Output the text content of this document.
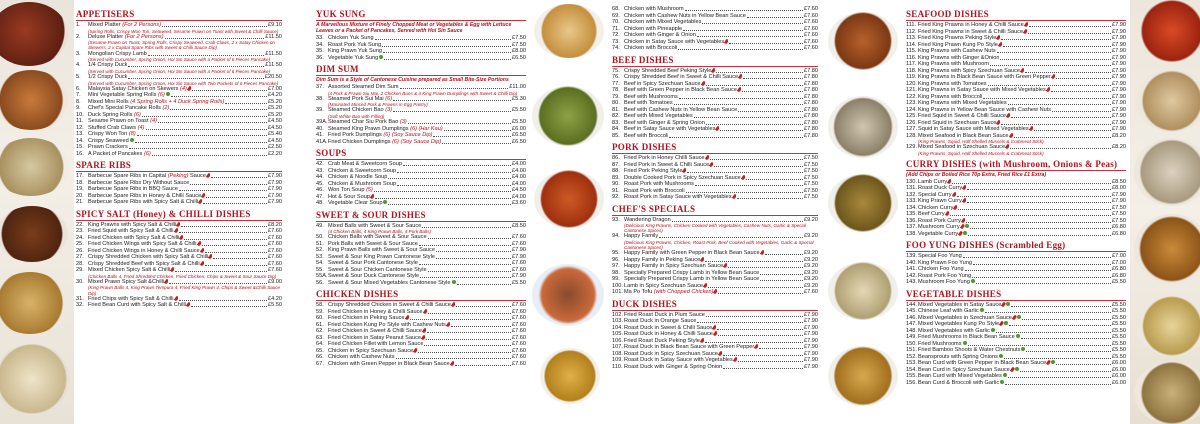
APPETISERS
1.	Mixed Platter (For 2 Persons)	£9.10
(Spring Rolls, Crispy Won Ton, Seaweed, Sesame Prawn on Toast with Sweet & Chilli Sauce)
2.	Deluxe Platter (For 2 Persons)	£11.50
(Sesame Prawn on Toast, Spring Rolls, Crispy Seaweed, Crab Claws, 2 x Satay Chicken on Skewers, 2 x Capital Spare Ribs with Sweet & Chilli Sauce Dip)
3.	Mongolian Crispy Lamb	£11.50
(Served with Cucumber, Spring Onion, Hoi Sin Sauce with a Packet of 6 Pieces Pancake)
4.	1/4 Crispy Duck	£11.50
(Served with Cucumber, Spring Onion, Hoi Sin Sauce with a Packet of 6 Pieces Pancake)
5.	1/2 Crispy Duck	£20.50
(Served with Cucumber, Spring Onion, Hoi Sin Sauce with Two Packets of 6 Pieces Pancake)
6.	Malaysia Satay Chicken on Skewers (4)	£7.00
7.	Mini Vegetable Spring Rolls (6)	£4.20
8.	Mixed Mini Rolls (4 Spring Rolls + 4 Duck Spring Rolls)	£5.20
9.	Chef's Special Pancake Rolls (2)	£5.20
10. Duck Spring Rolls (6)	£5.20
11. Sesame Prawn on Toast (4)	£4.50
12. Stuffed Crab Claws (4)	£4.50
13. Crispy Won Ton (8)	£5.40
14. Crispy Seaweed	£4.50
15. Prawn Crackers	£2.50
16. A Packet of Pancakes (6)	£2.20
SPARE RIBS
17. Barbecue Spare Ribs in Capital (Peking) Sauce	£7.90
18. Barbecue Spare Ribs Dry Without Sauce	£7.90
19. Barbecue Spare Ribs in BBQ Sauce	£7.90
20. Barbecue Spare Ribs in Honey & Chilli Sauce	£7.90
21. Barbecue Spare Ribs with Spicy Salt & Chilli	£7.90
SPICY SALT (Honey) & CHILLI DISHES
22. King Prawns with Spicy Salt & Chilli	£8.20
23. Fried Squid with Spicy Salt & Chilli	£7.60
24. Fried Chicken with Spicy Salt & Chilli	£7.60
25. Fried Chicken Wings with Spicy Salt & Chilli	£7.60
26. Fried Chicken Wings in Honey & Chilli Sauce	£7.60
27. Crispy Shredded Chicken with Spicy Salt & Chilli	£7.60
28. Crispy Shredded Beef with Spicy Salt & Chilli	£7.60
29. Mixed Chicken Spicy Salt & Chilli	£7.60
(Chicken Balls 4, Fried Shredded Chicken, Fried Chicken, Chips & Sweet & Sour Sauce Dip)
30. Mixed Prawn Spicy Salt &Chilli	£9.00
(King Prawn Balls 4, King Prawn Tempura 4, Fried King Prawn 4, Chips & Sweet &Chilli Sauce Dip)
31. Fried Chips with Spicy Salt & Chilli	£4.20
32. Fried Bean Curd with Spicy Salt & Chilli	£5.50
YUK SUNG
A Marvellous Mixture of Finely Chopped Meat or Vegetables & Egg with Lettuce Leaves or a Packet of Pancakes, Served with Hoi Sin Sauce
33. Chicken Yuk Sung	£7.50
34. Roast Pork Yuk Sung	£7.50
35. King Prawn Yuk Sung	£8.00
36. Vegetable Yuk Sung	£6.50
DIM SUM
Dim Sum is a Style of Cantonese Cuisine prepared as Small Bite-Size Portions
37. Assorted Steamed Dim Sum	£11.00
(4 Pork & Prawn Siu Mai, 2 Chicken Buns & 4 King Prawn Dumplings with Sweet & Chilli Dip)
38. Steamed Pork Sui Mai (6)	£5.30
(Marinated Minced Pork & Prawns in Egg Pastry)
39. Steamed Chicken Bao (3)	£5.50
(Soft White Bao with Filling)
39A. Steamed Char Siu Pork Bao (3)	£5.50
40. Steamed King Prawn Dumplings (6) (Har Kau)	£6.00
41. Fried Pork Dumplings (6) (Soy Sauce Dip)	£6.50
41A. Fried Chicken Dumplings (6) (Soy Sauce Dip)	£6.50
SOUPS
42. Crab Meat & Sweetcorn Soup	£4.00
43. Chicken & Sweetcorn Soup	£4.00
44. Chicken & Noodle Soup	£4.00
45. Chicken & Mushroom Soup	£4.00
46. Won Ton Soup (5)	£4.50
47. Hot & Sour Soup	£4.00
48. Vegetable Clear Soup	£3.60
SWEET & SOUR DISHES
49. Mixed Balls with Sweet & Sour Sauce	£8.50
(4 Chicken Balls, 4 King Prawn Balls, 4 Pork Balls)
50. Chicken Balls with Sweet & Sour Sauce	£7.60
51. Pork Balls with Sweet & Sour Sauce	£7.60
52. King Prawn Balls with Sweet & Sour Sauce	£7.90
53. Sweet & Sour King Prawn Cantonese Style	£7.90
54. Sweet & Sour Pork Cantonese Style	£7.60
55. Sweet & Sour Chicken Cantonese Style	£7.60
55A. Sweet & Sour Duck Cantonese Style	£7.90
56. Sweet & Sour Mixed Vegetables Cantonese Style	£5.50
CHICKEN DISHES
58. Crispy Shredded Chicken in Sweet & Chilli Sauce	£7.60
59. Fried Chicken in Honey & Chilli Sauce	£7.60
60. Fried Chicken in Peking Sauce	£7.60
61. Fried Chicken Kung Po Style with Cashew Nuts	£7.60
62. Fried Chicken in Sweet & Chilli Sauce	£7.60
63. Fried Chicken in Satay Peanut Sauce	£7.60
64. Fried Chicken Fillet with Lemon Sauce	£7.60
65. Chicken in Spicy Szechuan Sauce	£7.60
66. Chicken with Cashew Nuts	£7.60
67. Chicken with Green Pepper in Black Bean Sauce	£7.60
68. Chicken with Mushroom	£7.60
69. Chicken with Cashew Nuts in Yellow Bean Sauce	£7.60
70. Chicken with Mixed Vegetables	£7.60
71. Chicken with Pineapple	£7.60
72. Chicken with Ginger & Onion	£7.60
73. Chicken in Satay Sauce with Vegetables	£7.60
74. Chicken with Broccoli	£7.60
BEEF DISHES
75. Crispy Shredded Beef Peking Style	£7.80
76. Crispy Shredded Beef in Sweet & Chilli Sauce	£7.80
77. Beef in Spicy Szechuan Sauce	£7.80
78. Beef with Green Pepper in Black Bean Sauce	£7.80
79. Beef with Mushrooms	£7.80
80. Beef with Tomatoes	£7.80
81. Beef with Cashew Nuts in Yellow Bean Sauce	£7.80
82. Beef with Mixed Vegetables	£7.80
83. Beef with Ginger & Spring Onion	£7.80
84. Beef in Satay Sauce with Vegetables	£7.80
85. Beef with Broccoli	£7.80
PORK DISHES
86. Fried Pork in Honey Chilli Sauce	£7.50
87. Fried Pork in Sweet & Chilli Sauce	£7.50
88. Fried Pork Peking Style	£7.50
89. Double Cooked Pork in Spicy Szechuan Sauce	£7.50
90. Roast Pork with Mushrooms	£7.50
91. Roast Pork with Broccoli	£7.50
92. Roast Pork in Satay Sauce with Vegetables	£7.50
CHEF'S SPECIALS
93. Wandering Dragon	£9.20
(Delicious King Prawns, Chicken Cooked with Vegetables, Cashew Nuts, Garlic & Special Cantonese Spices)
94. Happy Family	£9.20
(Delicious King Prawns, Chicken, Roast Pork, Beef Cooked with Vegetables, Garlic & Special Cantonese Spices)
95. Happy Family with Green Pepper in Black Bean Sauce	£9.20
96. Happy Family in Peking Sauce	£9.20
97. Happy Family in Spicy Szechuan Sauce	£9.20
98. Specially Prepared Crispy Lamb in Yellow Bean Sauce	£9.20
99. Specially Prepared Crispy Lamb in Yellow Bean Sauce	£9.20
100. Lamb in Spicy Szechuan Sauce	£9.20
101. Ma Po Tofu (with Chopped Chicken)	£7.60
DUCK DISHES
102. Fried Roast Duck in Plum Sauce	£7.90
103. Roast Duck in Orange Sauce	£7.90
104. Roast Duck in Sweet & Chilli Sauce	£7.90
105. Roast Duck in Honey & Chilli Sauce	£7.90
106. Fried Roast Duck Peking Style	£7.90
107. Roast Duck in Black Bean Sauce with Green Pepper	£7.90
108. Roast Duck in Spicy Szechuan Sauce	£7.90
109. Roast Duck in Satay Sauce with Vegetables	£7.90
110. Roast Duck with Ginger & Spring Onion	£7.90
SEAFOOD DISHES
111. Fried King Prawns in Honey & Chilli Sauce	£7.90
112. Fried King Prawns in Sweet & Chilli Sauce	£7.90
113. Fried King Prawns Peking Style	£7.90
114. Fried King Prawn Kung Po Style	£7.90
115. King Prawns with Cashew Nuts	£7.90
116. King Prawns with Ginger &Onion	£7.90
117. King Prawns with Mushroom	£7.90
118. King Prawns with Spicy Szechuan Sauce	£7.90
119. King Prawns in Black Bean Sauce with Green Pepper	£7.90
120. King Prawns with Tomatoes	£7.90
121. King Prawns in Satay Sauce with Mixed Vegetables	£7.90
122. King Prawns with Broccoli	£7.90
123. King Prawns with Mixed Vegetables	£7.90
124. King Prawns in Yellow Bean Sauce with Cashew Nuts	£7.90
125. Fried Squid in Sweet & Chilli Sauce	£7.90
126. Fried Squid in Szechuan Sauce	£7.90
127. Squid in Satay Sauce with Mixed Vegetables	£7.90
128. Mixed Seafood in Black Bean Sauce	£8.20
(King Prawns, Squid, Half Shelled Mussels & Crabmeat Stick)
129. Mixed Seafood in Szechuan Sauce	£8.20
(King Prawns, Squid, Half Shelled Mussels & Crabmeat Stick)
CURRY DISHES (with Mushroom, Onions & Peas)
(Add Chips or Boiled Rice 70p Extra, Fried Rice £1 Extra)
130. Lamb Curry	£8.50
131. Roast Duck Curry	£8.00
132. Special Curry	£7.90
133. King Prawn Curry	£7.90
134. Chicken Curry	£7.50
135. Beef Curry	£7.50
136. Roast Pork Curry	£7.50
137. Mushroom Curry	£6.80
138. Vegetable Curry	£6.80
FOO YUNG DISHES (Scrambled Egg)
139. Special Foo Yung	£7.00
140. King Prawn Foo Yung	£7.00
141. Chicken Foo Yung	£6.80
142. Roast Pork Foo Yung	£6.80
143. Mushroom Foo Yung	£5.50
VEGETABLE DISHES
144. Mixed Vegetables in Satay Sauce	£5.50
145. Chinese Leaf with Garlic	£5.50
146. Mixed Vegetables in Szechuan Sauce	£5.50
147. Mixed Vegetables Kung Po Style	£5.50
148. Mixed Vegetables with Garlic	£5.50
149. Fried Mushrooms in Black Bean Sauce	£5.50
150. Fried Mushrooms	£5.50
151. Fried Bamboo Shoots & Water Chestnuts	£5.50
152. Beansprouts with Spring Onions	£5.50
153. Bean Curd with Green Pepper in Black Bean Sauce	£6.00
154. Bean Curd in Spicy Szechuan Sauce	£6.00
155. Bean Curd with Mixed Vegetables	£6.00
156. Bean Curd & Broccoli with Garlic	£6.00
